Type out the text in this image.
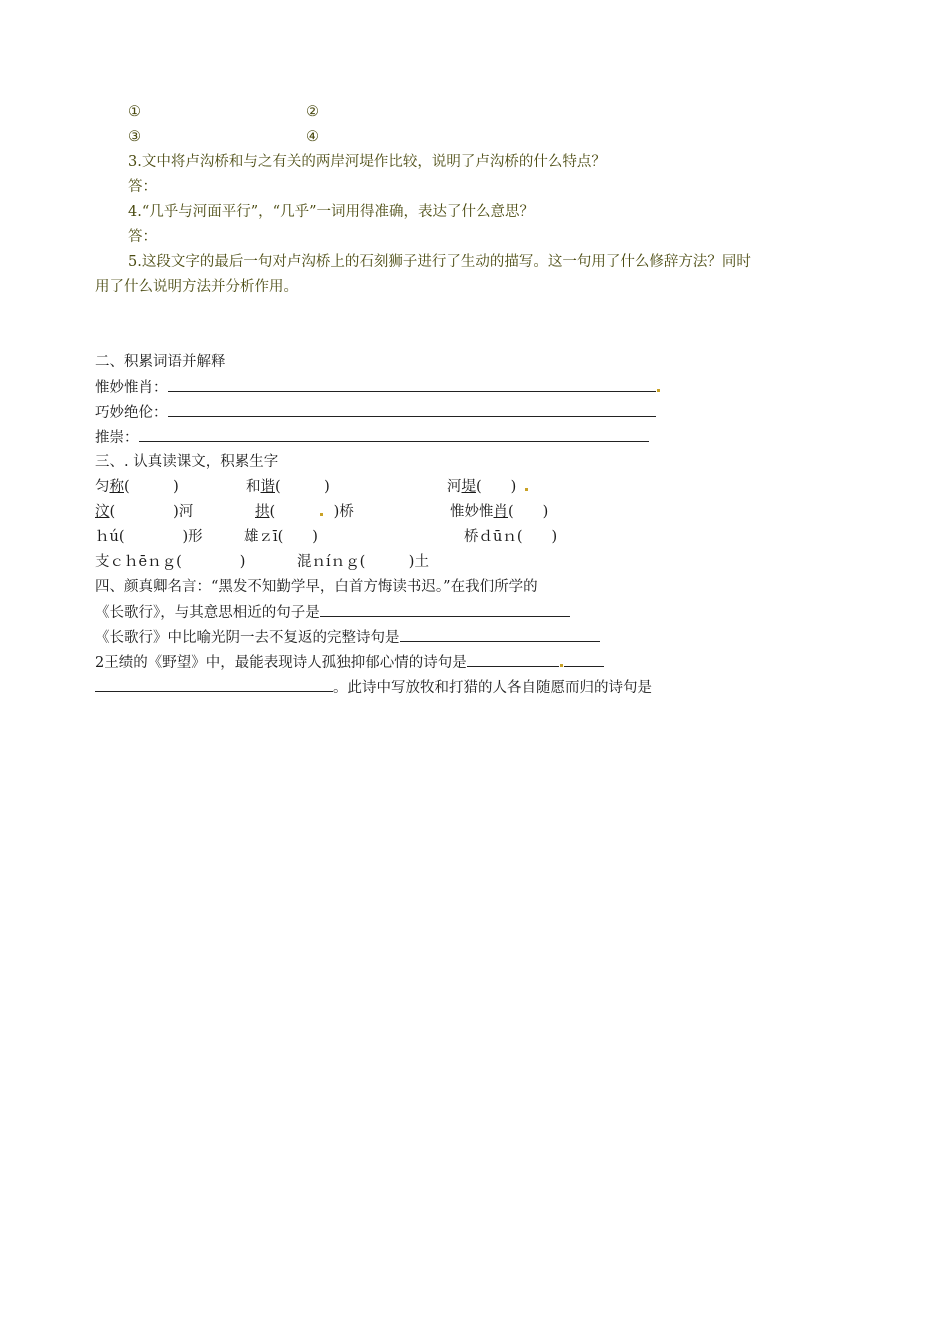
①	②
③	④
3.文中将卢沟桥和与之有关的两岸河堤作比较，说明了卢沟桥的什么特点？
答：
4.“几乎与河面平行”，“几乎”一词用得准确，表达了什么意思？
答：
5.这段文字的最后一句对卢沟桥上的石刻狮子进行了生动的描写。这一句用了什么修辞方法？同时
用了什么说明方法并分析作用。
二、积累词语并解释
惟妙惟肖：
巧妙绝伦：
推崇：
三、. 认真读课文，积累生字
匀称(　　　)	和谐(　　　)	河堤(　　)
汶(　　　　)河	拱(　　　)桥	惟妙惟肖(　　)
ｈú(　　　　)形	雄ｚī(　　)	桥ｄūｎ(　　)
支ｃｈēｎｇ(　　　　)	混ｎíｎｇ(　　　)土
四、颜真卿名言：“黑发不知勤学早，白首方悔读书迟。”在我们所学的
《长歌行》，与其意思相近的句子是
《长歌行》中比喻光阴一去不复返的完整诗句是
2王绩的《野望》中，最能表现诗人孤独抑郁心情的诗句是
。此诗中写放牧和打猎的人各自随愿而归的诗句是
